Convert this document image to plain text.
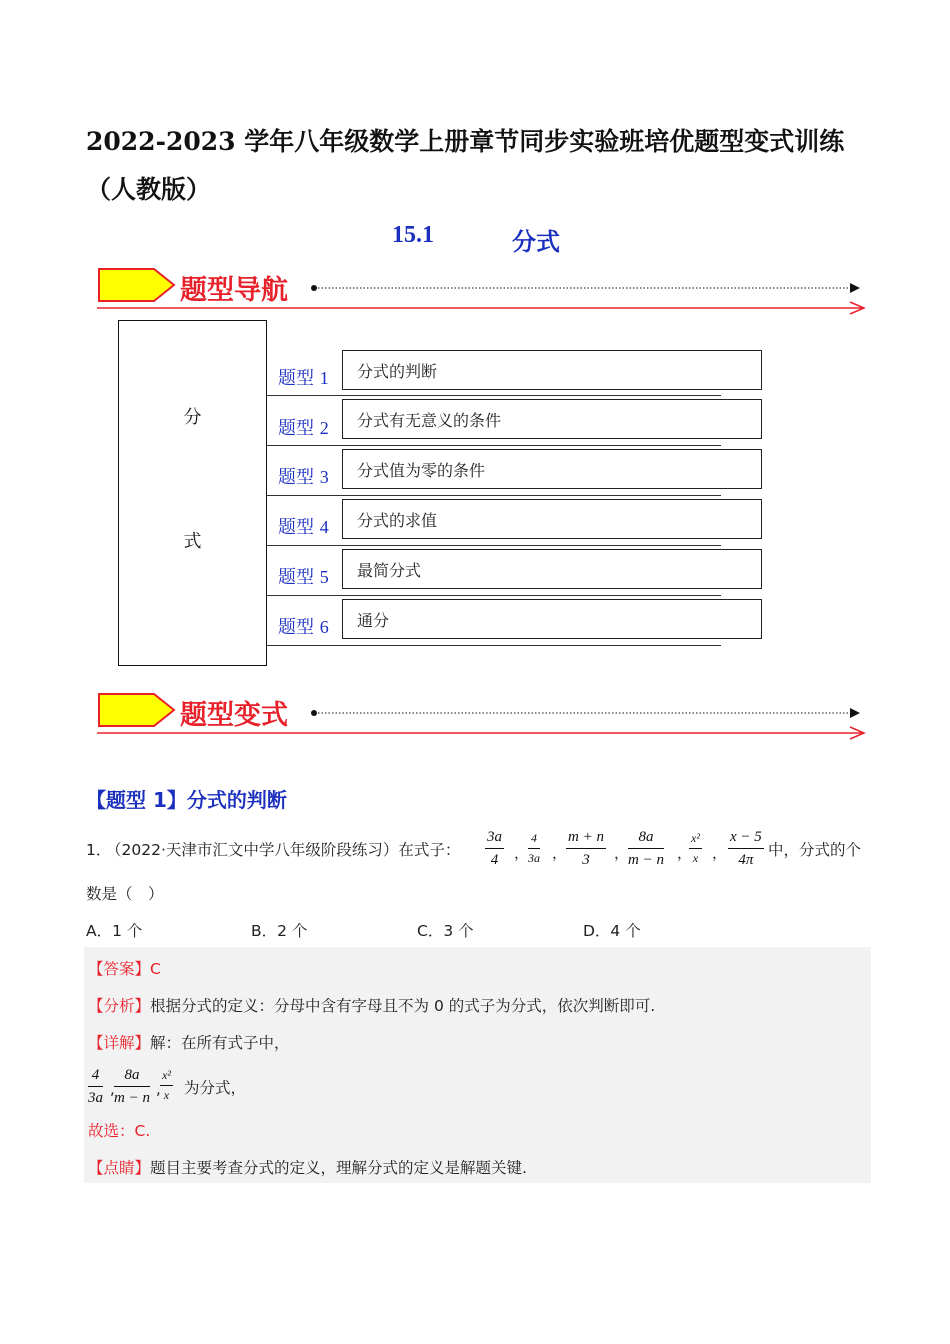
2022-2023 学年八年级数学上册章节同步实验班培优题型变式训练（人教版）
15.1	分式
题型导航
分
式
题型 1	分式的判断
题型 2	分式有无意义的条件
题型 3	分式值为零的条件
题型 4	分式的求值
题型 5	最简分式
题型 6	通分
题型变式
【题型 1】分式的判断
1．
（2022·天津市汇文中学八年级阶段练习）在式子： $\frac{3a}{4}$ ，
$\frac{4}{3a}$ ，
$\frac{m + n}{3}$ ，
$\frac{8a}{m - n}$ ，
$\frac{\text{x²}}{x}$ ， $\frac{x - 5}{4\pi}$ 中，分式的个
数是（　）
A．1 个	B．2 个	C．3 个	D．4 个
【答案】C
【分析】根据分式的定义：分母中含有字母且不为 0 的式子为分式，依次判断即可.
【详解】解：在所有式子中，
$\frac{4}{3a}$ , $\frac{8a}{m - n}$ , $\frac{\text{x²}}{x}$ 为分式，
故选：C.
【点睛】题目主要考查分式的定义，理解分式的定义是解题关键.
